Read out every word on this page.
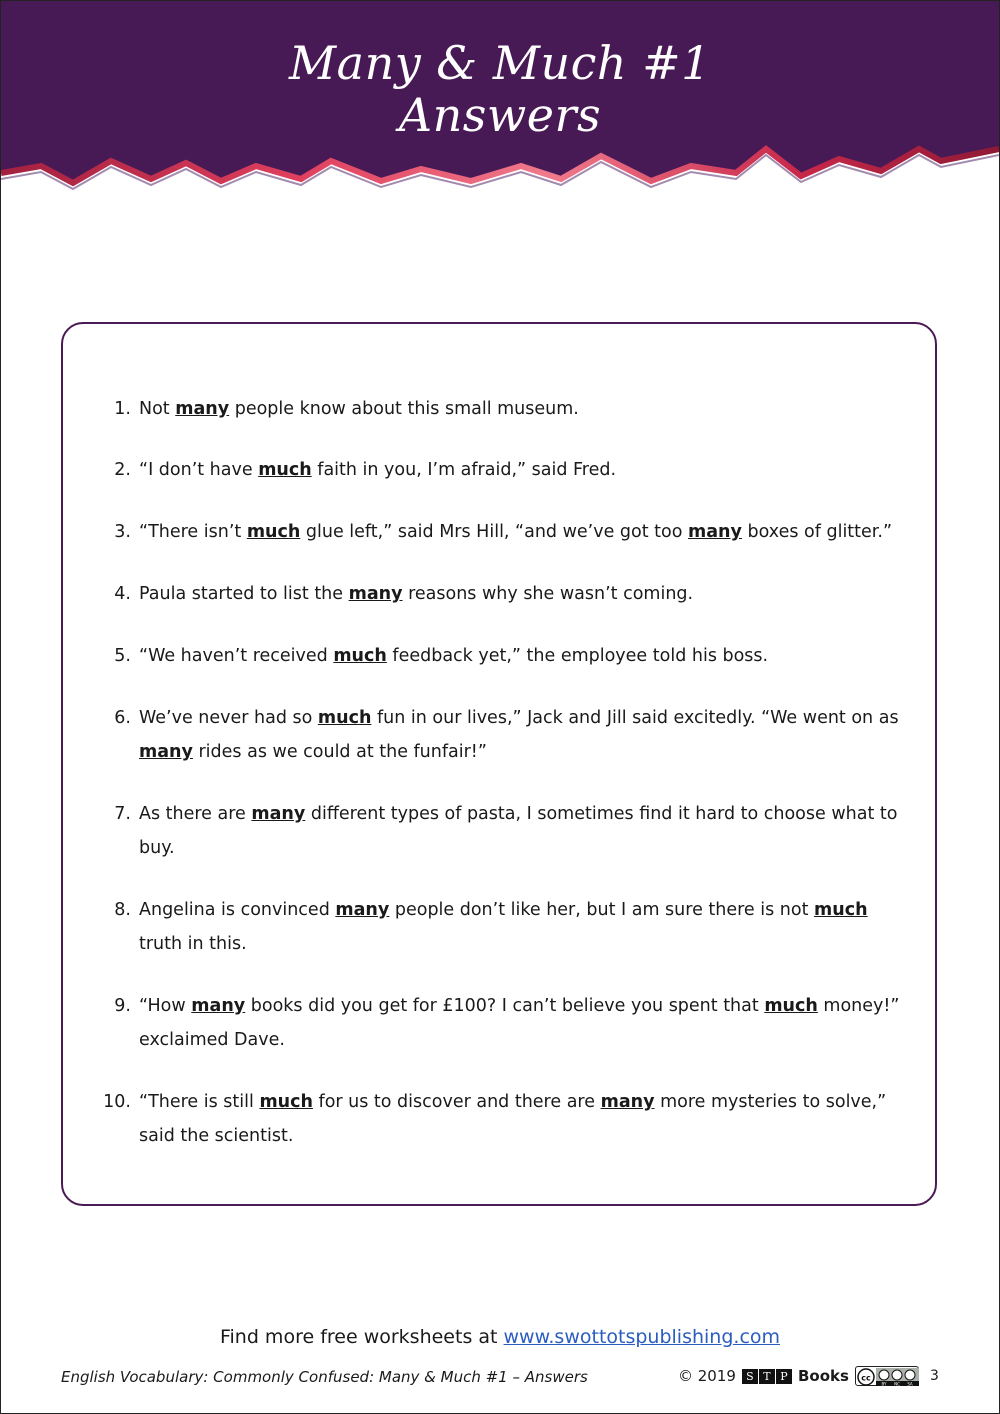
Many & Much #1
Answers
1. Not many people know about this small museum.
2. “I don’t have much faith in you, I’m afraid,” said Fred.
3. “There isn’t much glue left,” said Mrs Hill, “and we’ve got too many boxes of glitter.”
4. Paula started to list the many reasons why she wasn’t coming.
5. “We haven’t received much feedback yet,” the employee told his boss.
6. We’ve never had so much fun in our lives,” Jack and Jill said excitedly. “We went on as many rides as we could at the funfair!”
7. As there are many different types of pasta, I sometimes find it hard to choose what to buy.
8. Angelina is convinced many people don’t like her, but I am sure there is not much truth in this.
9. “How many books did you get for £100? I can’t believe you spent that much money!” exclaimed Dave.
10. “There is still much for us to discover and there are many more mysteries to solve,” said the scientist.
Find more free worksheets at www.swottotspublishing.com
English Vocabulary: Commonly Confused: Many & Much #1 – Answers	© 2019 S T P Books cc
BY NC SA 3
